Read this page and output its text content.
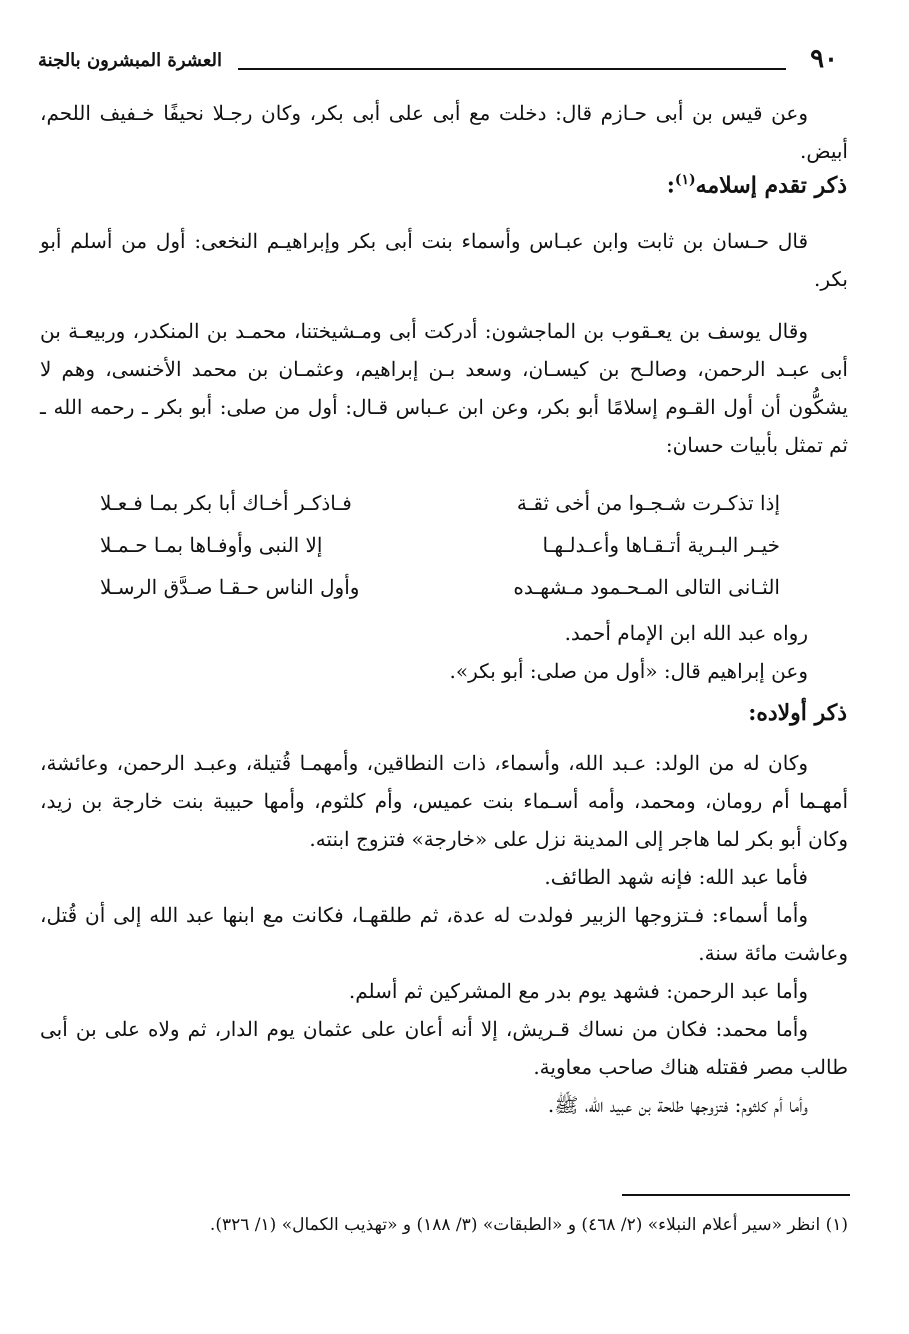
٩٠
العشرة المبشرون بالجنة

وعن قيس بن أبى حـازم قال: دخلت مع أبى على أبى بكر، وكان رجـلا نحيفًا خـفيف اللحم، أبيض.

ذكر تقدم إسلامه$^{(١)}$:

قال حـسان بن ثابت وابن عبـاس وأسماء بنت أبى بكر وإبراهيـم النخعى: أول من أسلم أبو بكر.

وقال يوسف بن يعـقوب بن الماجشون: أدركت أبى ومـشيختنا، محمـد بن المنكدر، وربيعـة بن أبى عبـد الرحمن، وصالـح بن كيسـان، وسعد بـن إبراهيم، وعثمـان بن محمد الأخنسى، وهم لا يشكُّون أن أول القـوم إسلامًا أبو بكر، وعن ابن عـباس قـال: أول من صلى: أبو بكر ـ رحمه الله ـ ثم تمثل بأبيات حسان:

إذا تذكـرت شـجـوا من أخى ثقـة
فـاذكـر أخـاك أبا بكر بمـا فـعـلا
خيـر البـرية أتـقـاها وأعـدلـهـا
إلا النبى وأوفـاها بمـا حـمـلا
الثـانى التالى المـحـمود مـشهـده
وأول الناس حـقـا صـدَّق الرسـلا

رواه عبد الله ابن الإمام أحمد.

وعن إبراهيم قال: «أول من صلى: أبو بكر».

ذكر أولاده:

وكان له من الولد: عـبد الله، وأسماء، ذات النطاقين، وأمهمـا قُتيلة، وعبـد الرحمن، وعائشة، أمهـما أم رومان، ومحمد، وأمه أسـماء بنت عميس، وأم كلثوم، وأمها حبيبة بنت خارجة بن زيد، وكان أبو بكر لما هاجر إلى المدينة نزل على «خارجة» فتزوج ابنته.

فأما عبد الله: فإنه شهد الطائف.

وأما أسماء: فـتزوجها الزبير فولدت له عدة، ثم طلقهـا، فكانت مع ابنها عبد الله إلى أن قُتل، وعاشت مائة سنة.

وأما عبد الرحمن: فشهد يوم بدر مع المشركين ثم أسلم.

وأما محمد: فكان من نساك قـريش، إلا أنه أعان على عثمان يوم الدار، ثم ولاه على بن أبى طالب مصر فقتله هناك صاحب معاوية.

وأما أم كلثوم: فتزوجها طلحة بن عبيد الله، ﷺ.

(١) انظر «سير أعلام النبلاء» (٢/ ٤٦٨) و «الطبقات» (٣/ ١٨٨) و «تهذيب الكمال» (١/ ٣٢٦).
